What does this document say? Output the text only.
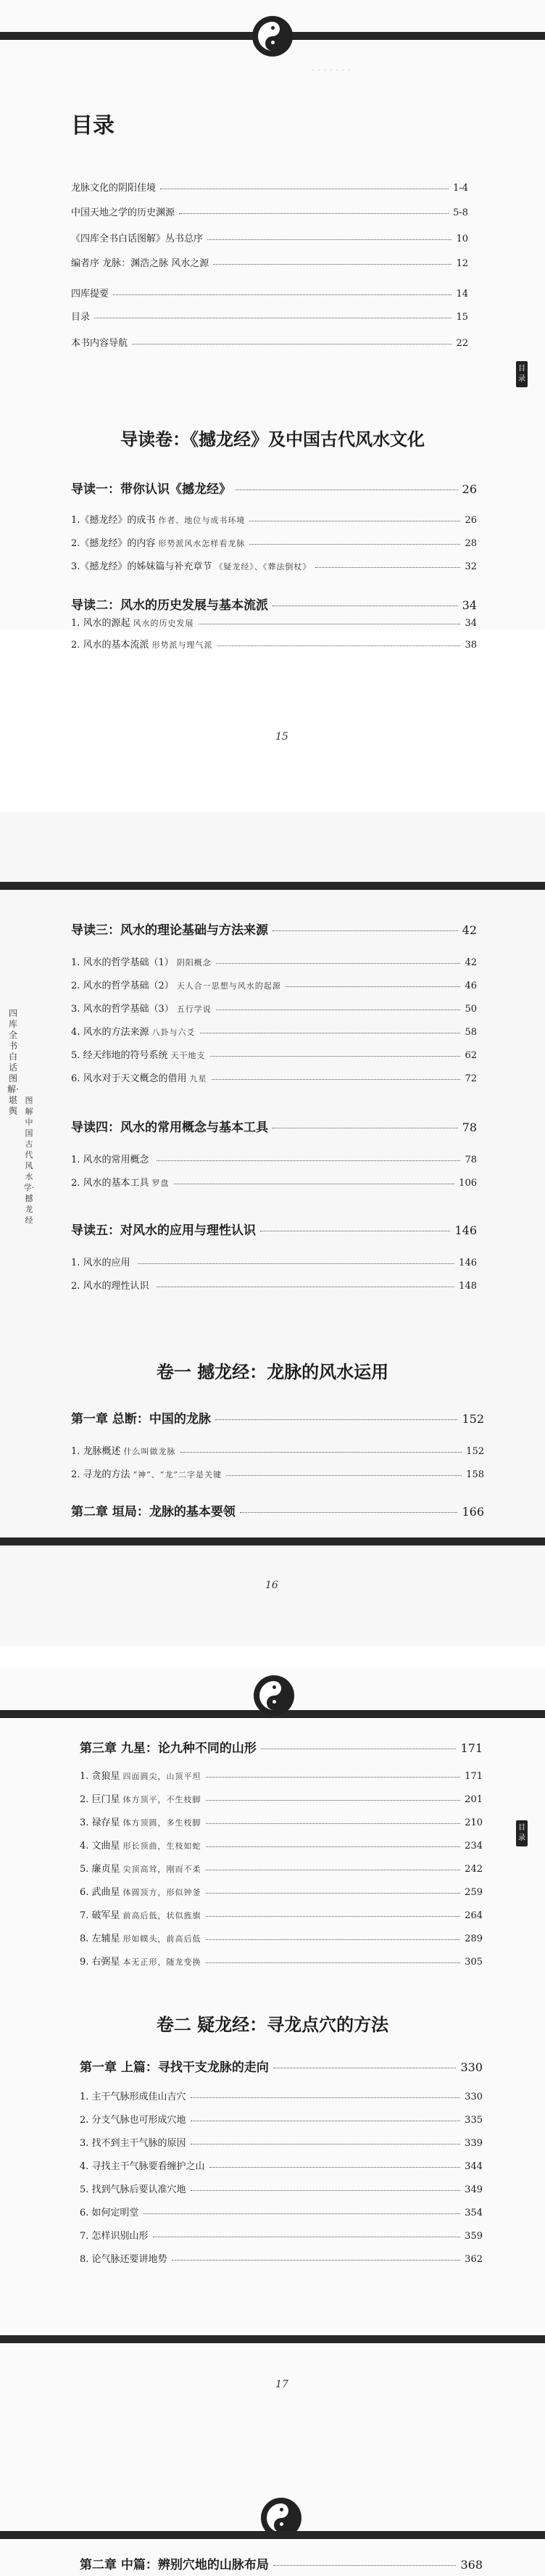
· · · · · · ·
目录
龙脉文化的阴阳佳境	1-4
中国天地之学的历史渊源	5-8
《四库全书白话图解》丛书总序	10
编者序 龙脉：渊浩之脉 风水之源	12
四库提要	14
目录	15
本书内容导航	22
导读卷：《撼龙经》及中国古代风水文化
导读一：带你认识《撼龙经》	26
1.《撼龙经》的成书 作者、地位与成书环境	26
2.《撼龙经》的内容 形势派风水怎样看龙脉	28
3.《撼龙经》的姊妹篇与补充章节 《疑龙经》、《葬法倒杖》	32
导读二：风水的历史发展与基本流派	34
1. 风水的源起 风水的历史发展	34
目录
2. 风水的基本流派 形势派与理气派	38
15
四库全书白话图解·堪舆
图解中国古代风水学·撼龙经
导读三：风水的理论基础与方法来源	42
1. 风水的哲学基础（1） 阴阳概念	42
2. 风水的哲学基础（2） 天人合一思想与风水的起源	46
3. 风水的哲学基础（3） 五行学说	50
4. 风水的方法来源 八卦与六爻	58
5. 经天纬地的符号系统 天干地支	62
6. 风水对于天文概念的借用 九星	72
导读四：风水的常用概念与基本工具	78
1. 风水的常用概念	78
2. 风水的基本工具 罗盘	106
导读五：对风水的应用与理性认识	146
1. 风水的应用	146
2. 风水的理性认识	148
卷一 撼龙经：龙脉的风水运用
第一章 总断：中国的龙脉	152
1. 龙脉概述 什么叫做龙脉	152
2. 寻龙的方法 “神”、“龙”二字是关键	158
第二章 垣局：龙脉的基本要领	166
16
第三章 九星：论九种不同的山形	171
1. 贪狼星 四面圆尖，山顶平坦	171
2. 巨门星 体方顶平，不生枝脚	201
3. 禄存星 体方顶圆，多生枝脚	210
4. 文曲星 形长顶曲，生枝如蛇	234
5. 廉贞星 尖顶高耸，刚而不柔	242
6. 武曲星 体圆顶方，形似钟釜	259
7. 破军星 前高后低，状似旌旗	264
8. 左辅星 形如幞头，前高后低	289
9. 右弼星 本无正形，随龙变换	305
卷二 疑龙经：寻龙点穴的方法
第一章 上篇：寻找干支龙脉的走向	330
1. 主干气脉形成佳山吉穴	330
2. 分支气脉也可形成穴地	335
3. 找不到主干气脉的原因	339
4. 寻找主干气脉要看缠护之山	344
5. 找到气脉后要认准穴地	349
6. 如何定明堂	354
7. 怎样识别山形	359
8. 论气脉还要讲地势	362
目录
17
第二章 中篇：辨别穴地的山脉布局	368
